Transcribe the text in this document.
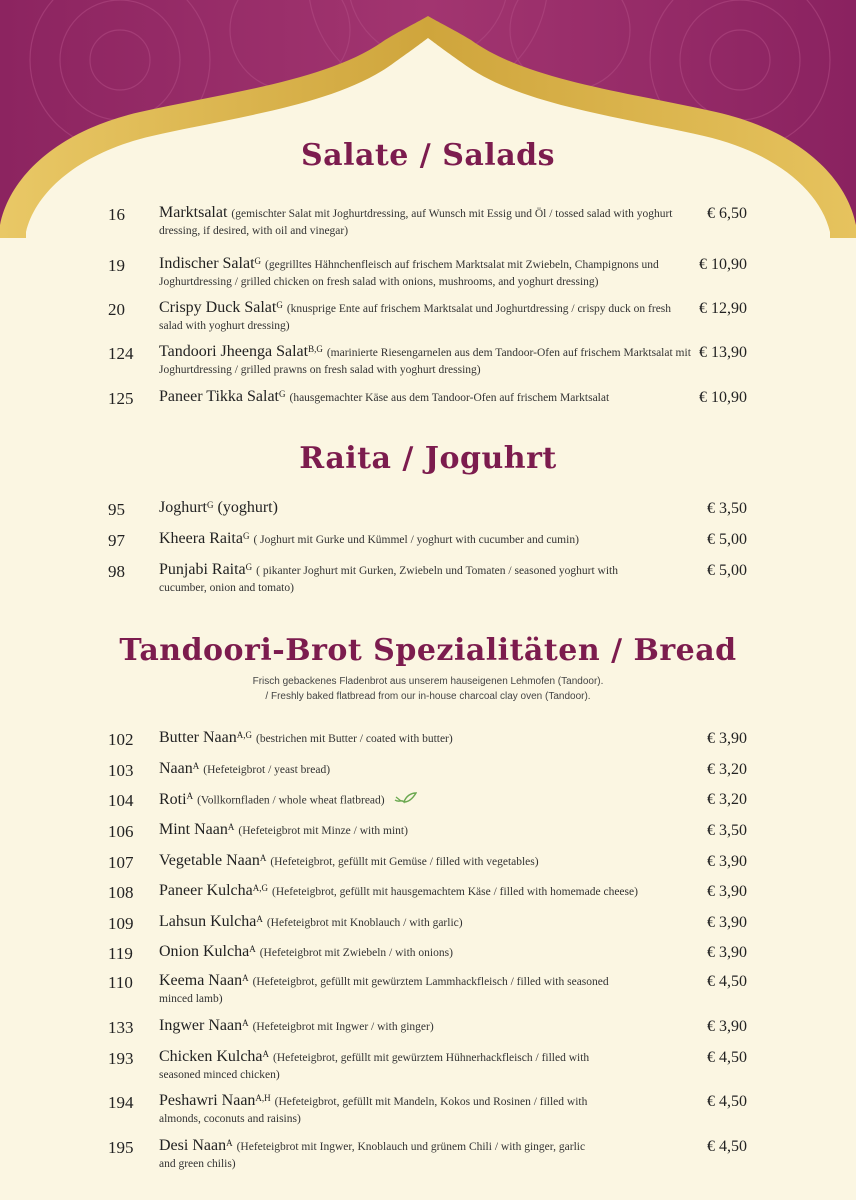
Salate / Salads
16 Marktsalat (gemischter Salat mit Joghurtdressing, auf Wunsch mit Essig und Öl / tossed salad with yoghurt dressing, if desired, with oil and vinegar)
€ 6,50
19 Indischer Salat$^G$ (gegrilltes Hähnchenfleisch auf frischem Marktsalat mit Zwiebeln, Champignons und Joghurtdressing / grilled chicken on fresh salad with onions, mushrooms, and yoghurt dressing)
€ 10,90
20 Crispy Duck Salat$^G$ (knusprige Ente auf frischem Marktsalat und Joghurtdressing / crispy duck on fresh salad with yoghurt dressing)
€ 12,90
124 Tandoori Jheenga Salat$^{B,G}$ (marinierte Riesengarnelen aus dem Tandoor-Ofen auf frischem Marktsalat mit Joghurtdressing / grilled prawns on fresh salad with yoghurt dressing)
€ 13,90
125 Paneer Tikka Salat$^G$ (hausgemachter Käse aus dem Tandoor-Ofen auf frischem Marktsalat	€ 10,90
Raita / Joguhrt
95 Joghurt$^G$ (yoghurt)	€ 3,50
97 Kheera Raita$^G$ ( Joghurt mit Gurke und Kümmel / yoghurt with cucumber and cumin)	€ 5,00
98 Punjabi Raita$^G$ ( pikanter Joghurt mit Gurken, Zwiebeln und Tomaten / seasoned yoghurt with cucumber, onion and tomato)
€ 5,00
Tandoori-Brot Spezialitäten / Bread
Frisch gebackenes Fladenbrot aus unserem hauseigenen Lehmofen (Tandoor).
/ Freshly baked flatbread from our in-house charcoal clay oven (Tandoor).
102 Butter Naan$^{A,G}$ (bestrichen mit Butter / coated with butter)	€ 3,90
103 Naan$^A$ (Hefeteigbrot / yeast bread)	€ 3,20
104 Roti$^A$ (Vollkornfladen / whole wheat flatbread)	€ 3,20
106 Mint Naan$^A$ (Hefeteigbrot mit Minze / with mint)	€ 3,50
107 Vegetable Naan$^A$ (Hefeteigbrot, gefüllt mit Gemüse / filled with vegetables)	€ 3,90
108 Paneer Kulcha$^{A,G}$ (Hefeteigbrot, gefüllt mit hausgemachtem Käse / filled with homemade cheese)	€ 3,90
109 Lahsun Kulcha$^A$ (Hefeteigbrot mit Knoblauch / with garlic)	€ 3,90
119 Onion Kulcha$^A$ (Hefeteigbrot mit Zwiebeln / with onions)	€ 3,90
110 Keema Naan$^A$ (Hefeteigbrot, gefüllt mit gewürztem Lammhackfleisch / filled with seasoned minced lamb)
€ 4,50
133 Ingwer Naan$^A$ (Hefeteigbrot mit Ingwer / with ginger)	€ 3,90
193 Chicken Kulcha$^A$ (Hefeteigbrot, gefüllt mit gewürztem Hühnerhackfleisch / filled with seasoned minced chicken)
€ 4,50
194 Peshawri Naan$^{A,H}$ (Hefeteigbrot, gefüllt mit Mandeln, Kokos und Rosinen / filled with almonds, coconuts and raisins)
€ 4,50
195 Desi Naan$^A$ (Hefeteigbrot mit Ingwer, Knoblauch und grünem Chili / with ginger, garlic and green chilis)
€ 4,50
